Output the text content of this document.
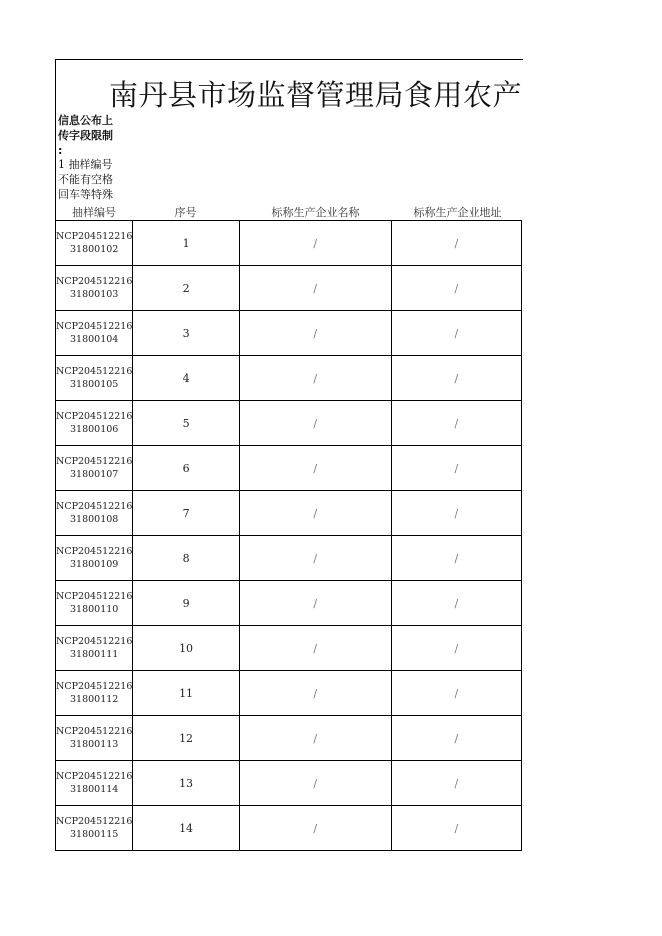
南丹县市场监督管理局食用农产
信息公布上
传字段限制
:
1 抽样编号
不能有空格
回车等特殊
抽样编号	序号	标称生产企业名称	标称生产企业地址
NCP204512216
31800102	1	/	/

NCP204512216
31800103	2	/	/

NCP204512216
31800104	3	/	/

NCP204512216
31800105	4	/	/

NCP204512216
31800106	5	/	/

NCP204512216
31800107	6	/	/

NCP204512216
31800108	7	/	/

NCP204512216
31800109	8	/	/

NCP204512216
31800110	9	/	/

NCP204512216
31800111	10	/	/

NCP204512216
31800112	11	/	/

NCP204512216
31800113	12	/	/

NCP204512216
31800114	13	/	/

NCP204512216
31800115	14	/	/
